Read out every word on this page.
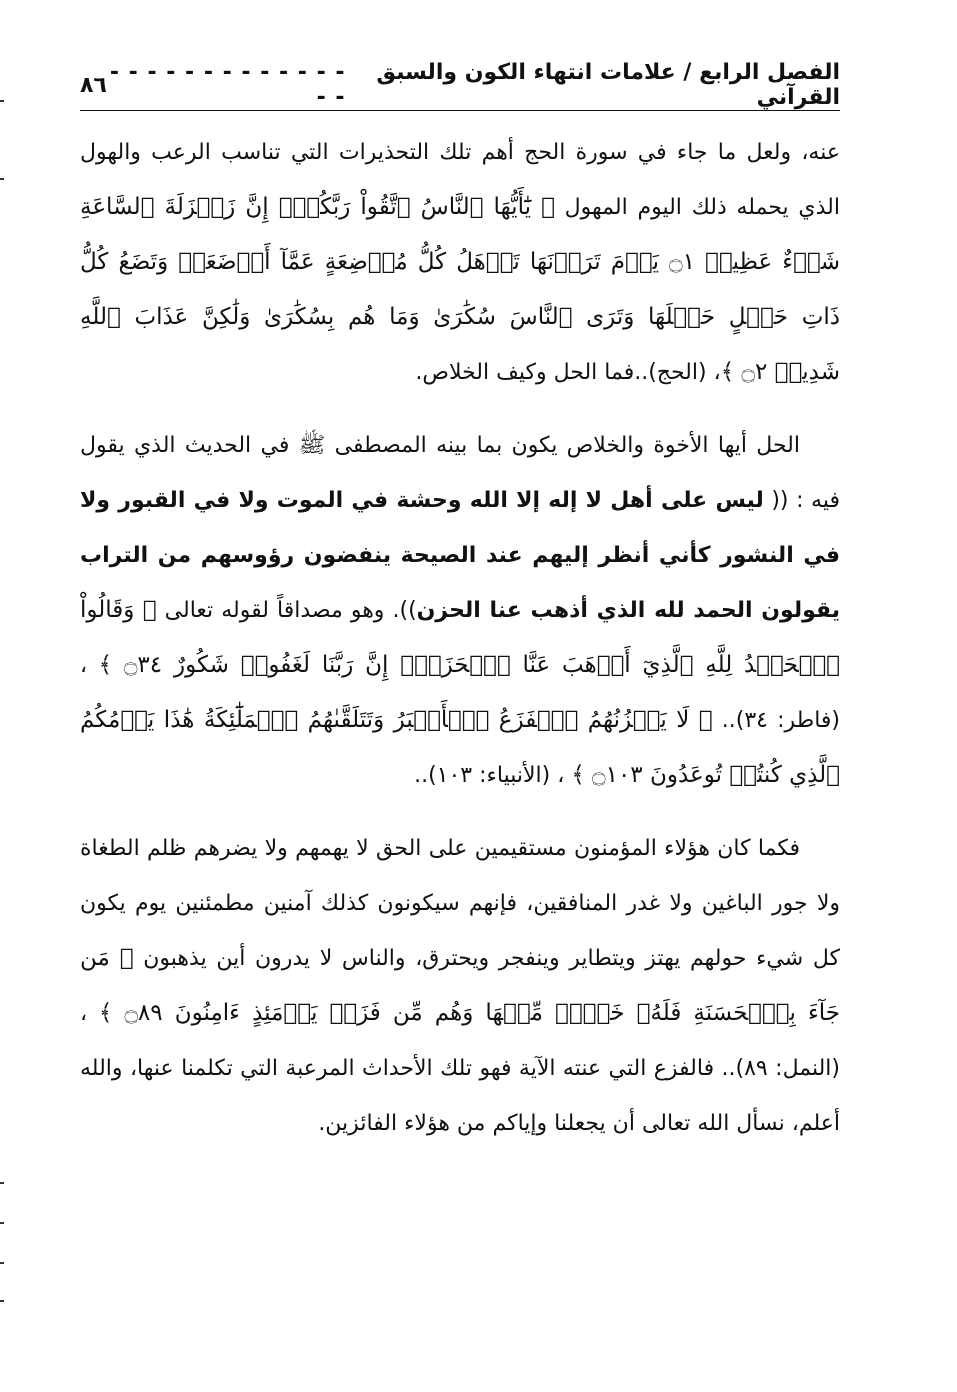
الفصل الرابع / علامات انتهاء الكون والسبق القرآني
- - - - - - - - - - - - - - -
٨٦

عنه، ولعل ما جاء في سورة الحج أهم تلك التحذيرات التي تناسب الرعب والهول الذي يحمله ذلك اليوم المهول ﴿ يَٰٓأَيُّهَا ٱلنَّاسُ ٱتَّقُواْ رَبَّكُمْۚ إِنَّ زَلۡزَلَةَ ٱلسَّاعَةِ شَيۡءٌ عَظِيمٞ ۝١ يَوۡمَ تَرَوۡنَهَا تَذۡهَلُ كُلُّ مُرۡضِعَةٍ عَمَّآ أَرۡضَعَتۡ وَتَضَعُ كُلُّ ذَاتِ حَمۡلٍ حَمۡلَهَا وَتَرَى ٱلنَّاسَ سُكَٰرَىٰ وَمَا هُم بِسُكَٰرَىٰ وَلَٰكِنَّ عَذَابَ ٱللَّهِ شَدِيدٞ ۝٢ ﴾، (الحج)..فما الحل وكيف الخلاص.

الحل أيها الأخوة والخلاص يكون بما بينه المصطفى ﷺ في الحديث الذي يقول فيه : (( ليس على أهل لا إله إلا الله وحشة في الموت ولا في القبور ولا في النشور كأني أنظر إليهم عند الصيحة ينفضون رؤوسهم من التراب يقولون الحمد لله الذي أذهب عنا الحزن)). وهو مصداقاً لقوله تعالى ﴿ وَقَالُواْ ٱلۡحَمۡدُ لِلَّهِ ٱلَّذِيٓ أَذۡهَبَ عَنَّا ٱلۡحَزَنَۖ إِنَّ رَبَّنَا لَغَفُورٞ شَكُورٌ ۝٣٤ ﴾ ، (فاطر: ٣٤).. ﴿ لَا يَحۡزُنُهُمُ ٱلۡفَزَعُ ٱلۡأَكۡبَرُ وَتَتَلَقَّىٰهُمُ ٱلۡمَلَٰٓئِكَةُ هَٰذَا يَوۡمُكُمُ ٱلَّذِي كُنتُمۡ تُوعَدُونَ ۝١٠٣ ﴾ ، (الأنبياء: ١٠٣)..

فكما كان هؤلاء المؤمنون مستقيمين على الحق لا يهمهم ولا يضرهم ظلم الطغاة ولا جور الباغين ولا غدر المنافقين، فإنهم سيكونون كذلك آمنين مطمئنين يوم يكون كل شيء حولهم يهتز ويتطاير وينفجر ويحترق، والناس لا يدرون أين يذهبون ﴿ مَن جَآءَ بِٱلۡحَسَنَةِ فَلَهُۥ خَيۡرٞ مِّنۡهَا وَهُم مِّن فَزَعٖ يَوۡمَئِذٍ ءَامِنُونَ ۝٨٩ ﴾ ، (النمل: ٨٩).. فالفزع التي عنته الآية فهو تلك الأحداث المرعبة التي تكلمنا عنها، والله أعلم، نسأل الله تعالى أن يجعلنا وإياكم من هؤلاء الفائزين.
